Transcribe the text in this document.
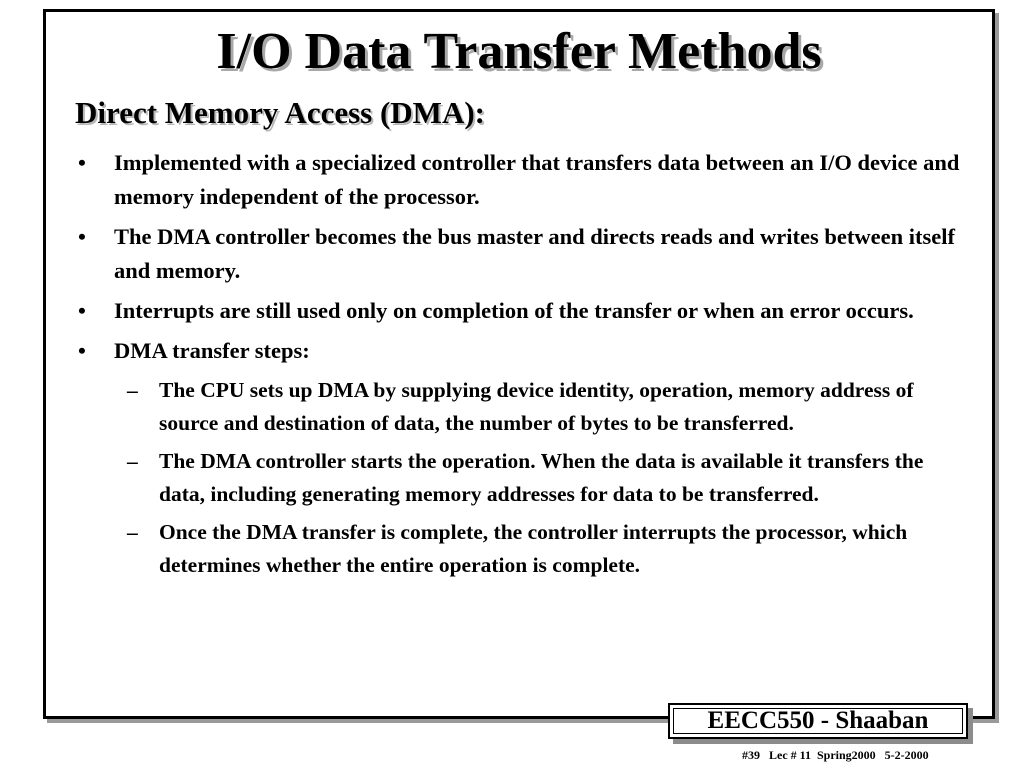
I/O Data Transfer Methods
Direct Memory Access (DMA):
• Implemented with a specialized controller that transfers data between an I/O device and memory independent of the processor.
• The DMA controller becomes the bus master and directs reads and writes between itself and memory.
• Interrupts are still used only on completion of the transfer or when an error occurs.
• DMA transfer steps:
– The CPU sets up DMA by supplying device identity, operation, memory address of source and destination of data, the number of bytes to be transferred.
– The DMA controller starts the operation. When the data is available it transfers the data, including generating memory addresses for data to be transferred.
– Once the DMA transfer is complete, the controller interrupts the processor, which determines whether the entire operation is complete.
EECC550 - Shaaban
#39   Lec # 11  Spring2000   5-2-2000
